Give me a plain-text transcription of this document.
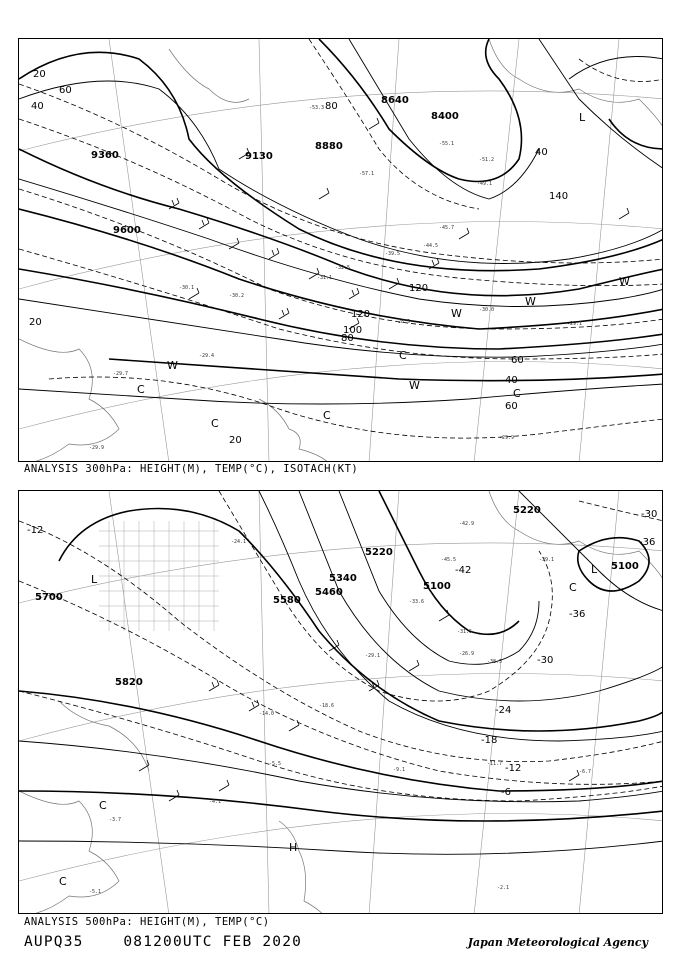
9360
9600
9130
8880
8640
8400
20
40
60
80
100
120
140
40
60
80
120
20
40
60
20
L
C
C
C
C
C
W
W
W
W
W
-29.9
-30.2
-30.1
-29.7
-31.1
-32.5
-39.5
-44.5
-45.7
-49.1
-51.2
-53.3
-55.1
-57.1
-29.1
-28.5
-29.4
-29.9
-30.0
ANALYSIS 300hPa: HEIGHT(M), TEMP(°C), ISOTACH(KT)
5700
5820
5580
5460
5340
5220
5100
5220
5100
-12
-42
-36
-30
-24
-18
-12
-6
-30
-36
L
L
C
C
C
H
-24.1
-26.9
-29.1
-31.5
-33.6
-38.5
-39.1
-42.9
-45.5
-18.6
-14.0
-11.7
-9.1	-6.7
-5.5
-4.1
-3.7
-2.1
-5.1
ANALYSIS 500hPa: HEIGHT(M), TEMP(°C)
AUPQ35	081200UTC FEB 2020	Japan Meteorological Agency
